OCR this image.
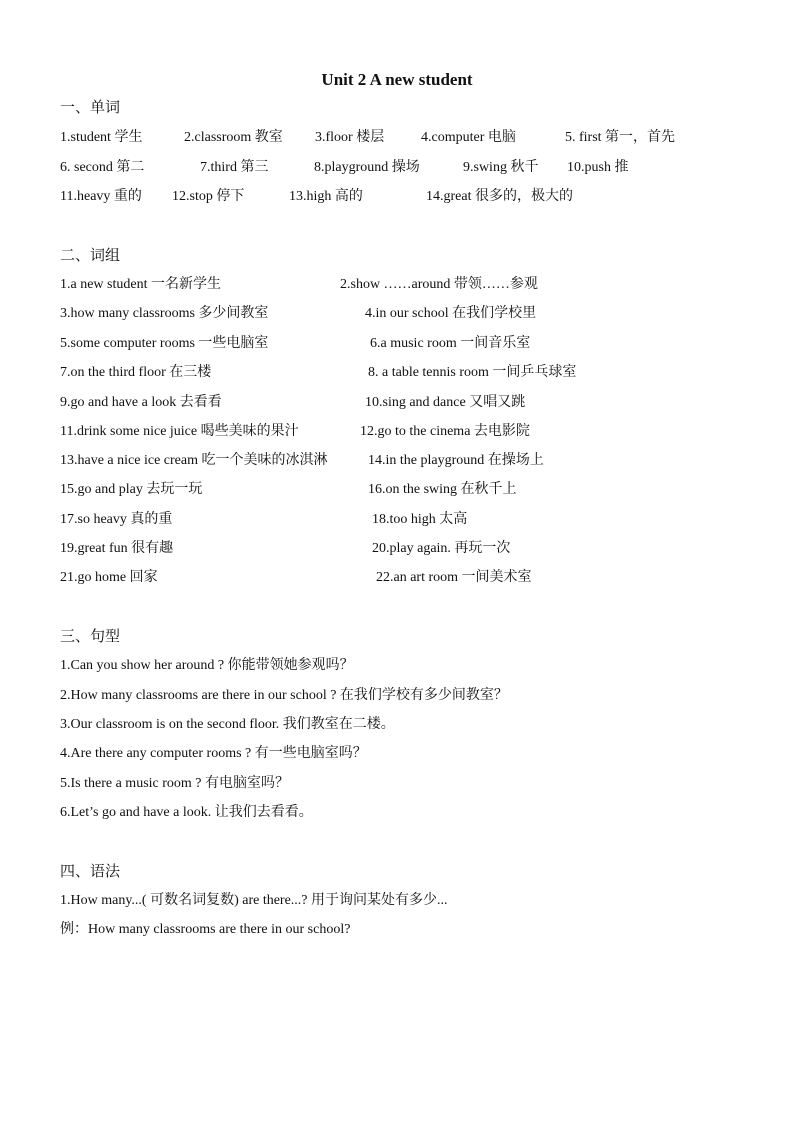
Unit 2 A new student
一、单词
1.student 学生	2.classroom 教室 3.floor 楼层	4.computer 电脑	5. first 第一，首先
6. second 第二	7.third 第三	8.playground 操场	9.swing 秋千 10.push 推
11.heavy 重的 12.stop 停下	13.high 高的	14.great 很多的，极大的
二、词组
1.a new student 一名新学生	2.show ……around 带领……参观
3.how many classrooms 多少间教室	4.in our school 在我们学校里
5.some computer rooms 一些电脑室	6.a music room 一间音乐室
7.on the third floor 在三楼	8. a table tennis room 一间乒乓球室
9.go and have a look 去看看	10.sing and dance 又唱又跳
11.drink some nice juice 喝些美味的果汁	12.go to the cinema 去电影院
13.have a nice ice cream 吃一个美味的冰淇淋	14.in the playground 在操场上
15.go and play 去玩一玩	16.on the swing 在秋千上
17.so heavy 真的重	18.too high 太高
19.great fun 很有趣	20.play again. 再玩一次
21.go home 回家	22.an art room 一间美术室
三、句型
1.Can you show her around ? 你能带领她参观吗？
2.How many classrooms are there in our school ? 在我们学校有多少间教室？
3.Our classroom is on the second floor. 我们教室在二楼。
4.Are there any computer rooms ? 有一些电脑室吗？
5.Is there a music room ? 有电脑室吗？
6.Let’s go and have a look. 让我们去看看。
四、语法
1.How many...( 可数名词复数) are there...? 用于询问某处有多少...
例：How many classrooms are there in our school?
